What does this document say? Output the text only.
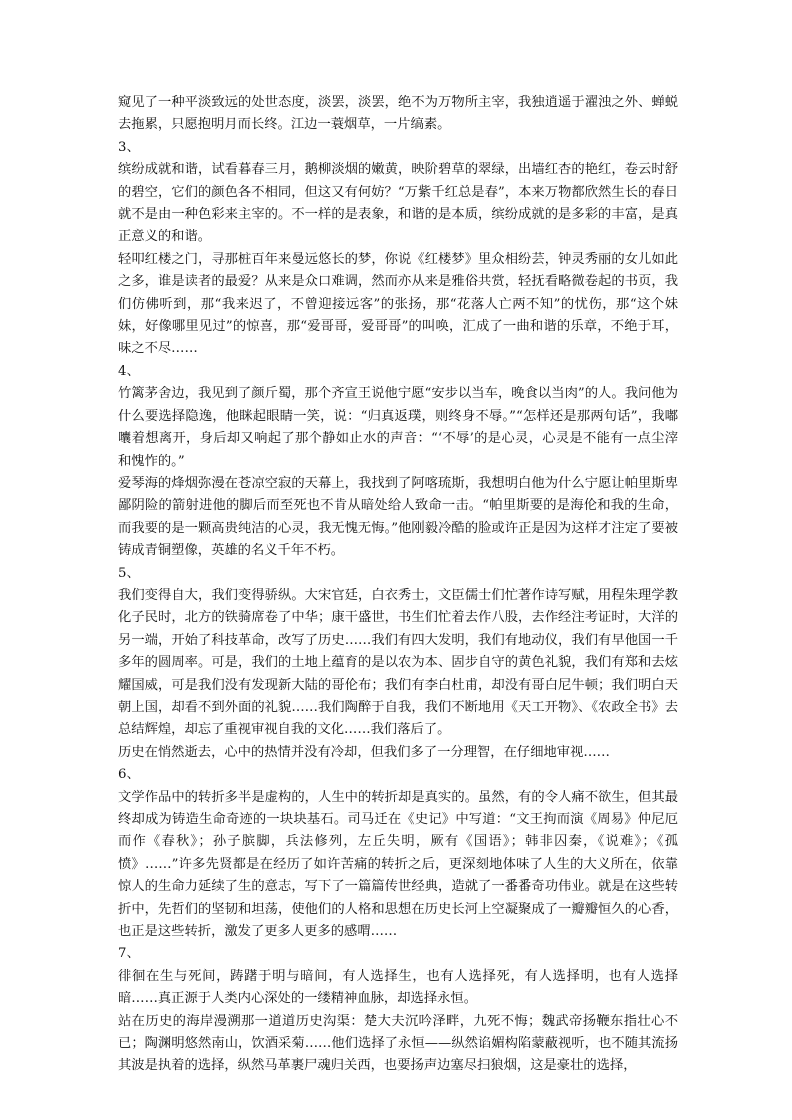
窥见了一种平淡致远的处世态度，淡罢，淡罢，绝不为万物所主宰，我独逍遥于濯浊之外、蝉蜕去拖累，只愿抱明月而长终。江边一蓑烟草，一片缟素。

3、

缤纷成就和谐，试看暮春三月，鹅柳淡烟的嫩黄，映阶碧草的翠绿，出墙红杏的艳红，卷云时舒的碧空，它们的颜色各不相同，但这又有何妨？“万紫千红总是春”，本来万物都欣然生长的春日就不是由一种色彩来主宰的。不一样的是表象，和谐的是本质，缤纷成就的是多彩的丰富，是真正意义的和谐。

轻叩红楼之门，寻那桩百年来曼远悠长的梦，你说《红楼梦》里众相纷芸，钟灵秀丽的女儿如此之多，谁是读者的最爱？从来是众口难调，然而亦从来是雅俗共赏，轻抚看略微卷起的书页，我们仿佛听到，那“我来迟了，不曾迎接远客”的张扬，那“花落人亡两不知”的忧伤，那“这个妹妹，好像哪里见过”的惊喜，那“爱哥哥，爱哥哥”的叫唤，汇成了一曲和谐的乐章，不绝于耳，味之不尽……

4、

竹篱茅舍边，我见到了颜斤蜀，那个齐宣王说他宁愿“安步以当车，晚食以当肉”的人。我问他为什么要选择隐逸，他眯起眼睛一笑，说：“归真返璞，则终身不辱。”“怎样还是那两句话”，我嘟囔着想离开，身后却又响起了那个静如止水的声音：“‘不辱’的是心灵，心灵是不能有一点尘滓和愧怍的。”

爱琴海的烽烟弥漫在苍凉空寂的天幕上，我找到了阿喀琉斯，我想明白他为什么宁愿让帕里斯卑鄙阴险的箭射进他的脚后而至死也不肯从暗处给人致命一击。“帕里斯要的是海伦和我的生命，而我要的是一颗高贵纯洁的心灵，我无愧无悔。”他刚毅冷酷的脸或许正是因为这样才注定了要被铸成青铜塑像，英雄的名义千年不朽。

5、

我们变得自大，我们变得骄纵。大宋官廷，白衣秀士，文臣儒士们忙著作诗写赋，用程朱理学教化子民时，北方的铁骑席卷了中华；康干盛世，书生们忙着去作八股，去作经注考证时，大洋的另一端，开始了科技革命，改写了历史……我们有四大发明，我们有地动仪，我们有早他国一千多年的圆周率。可是，我们的土地上蕴育的是以农为本、固步自守的黄色礼貌，我们有郑和去炫耀国威，可是我们没有发现新大陆的哥伦布；我们有李白杜甫，却没有哥白尼牛顿；我们明白天朝上国，却看不到外面的礼貌……我们陶醉于自我，我们不断地用《天工开物》、《农政全书》去总结辉煌，却忘了重视审视自我的文化……我们落后了。

历史在悄然逝去，心中的热情并没有冷却，但我们多了一分理智，在仔细地审视……

6、

文学作品中的转折多半是虚构的，人生中的转折却是真实的。虽然，有的令人痛不欲生，但其最终却成为铸造生命奇迹的一块块基石。司马迁在《史记》中写道：“文王拘而演《周易》仲尼厄而作《春秋》；孙子膑脚，兵法修列，左丘失明，厥有《国语》；韩非囚秦，《说难》；《孤愤》……”许多先贤都是在经历了如许苦痛的转折之后，更深刻地体味了人生的大义所在，依靠惊人的生命力延续了生的意志，写下了一篇篇传世经典，造就了一番番奇功伟业。就是在这些转折中，先哲们的坚韧和坦荡，使他们的人格和思想在历史长河上空凝聚成了一瓣瓣恒久的心香，也正是这些转折，激发了更多人更多的感喟……

7、

徘徊在生与死间，踌躇于明与暗间，有人选择生，也有人选择死，有人选择明，也有人选择暗……真正源于人类内心深处的一缕精神血脉，却选择永恒。

站在历史的海岸漫溯那一道道历史沟渠：楚大夫沉吟泽畔，九死不悔；魏武帝扬鞭东指壮心不已；陶渊明悠然南山，饮酒采菊……他们选择了永恒——纵然谄媚构陷蒙蔽视听，也不随其流扬其波是执着的选择，纵然马革裹尸魂归关西，也要扬声边塞尽扫狼烟，这是豪壮的选择，
